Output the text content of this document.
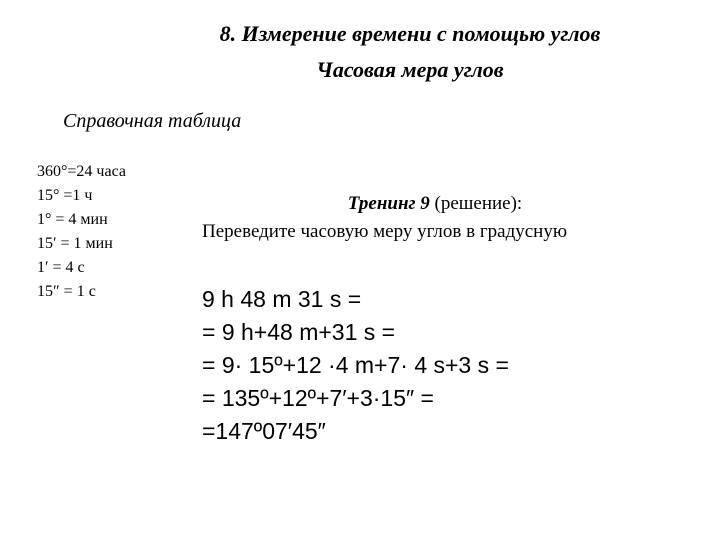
8. Измерение времени с помощью углов
Часовая мера углов
Справочная таблица
360°=24 часа
15° =1 ч
1° = 4 мин
15′ = 1 мин
1′ = 4 с
15″ = 1 с
Тренинг 9 (решение):
Переведите часовую меру углов в градусную
9 h 48 m 31 s =
= 9 h+48 m+31 s =
= 9· 15º+12 ·4 m+7· 4 s+3 s =
= 135º+12º+7′+3·15″ =
=147º07′45″
